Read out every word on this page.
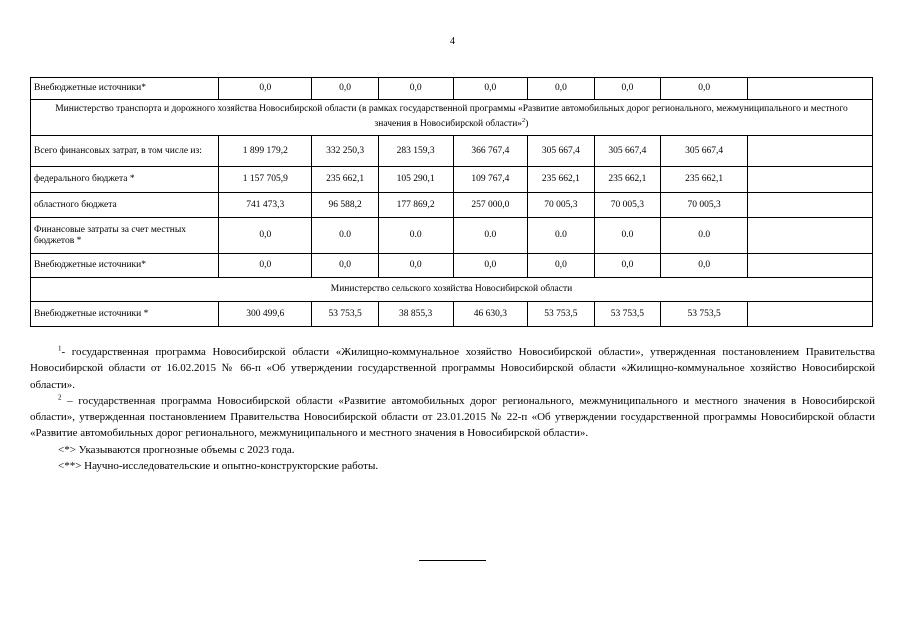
4
Внебюджетные источники*	0,0	0,0	0,0	0,0	0,0	0,0	0,0	
Министерство транспорта и дорожного хозяйства Новосибирской области (в рамках государственной программы «Развитие автомобильных дорог регионального, межмуниципального и местного значения в Новосибирской области»$^2$)								
Всего финансовых затрат, в том числе из:	1 899 179,2	332 250,3	283 159,3	366 767,4	305 667,4	305 667,4	305 667,4	
федерального бюджета *	1 157 705,9	235 662,1	105 290,1	109 767,4	235 662,1	235 662,1	235 662,1	
областного бюджета	741 473,3	96 588,2	177 869,2	257 000,0	70 005,3	70 005,3	70 005,3	
Финансовые затраты за счет местных бюджетов *	0,0	0.0	0.0	0.0	0.0	0.0	0.0	
Внебюджетные источники*	0,0	0,0	0,0	0,0	0,0	0,0	0,0	
Министерство сельского хозяйства Новосибирской области								
Внебюджетные источники *	300 499,6	53 753,5	38 855,3	46 630,3	53 753,5	53 753,5	53 753,5	

$^1$- государственная программа Новосибирской области «Жилищно-коммунальное хозяйство Новосибирской области», утвержденная постановлением Правительства Новосибирской области от 16.02.2015 № 66-п «Об утверждении государственной программы Новосибирской области «Жилищно-коммунальное хозяйство Новосибирской области».

$^2$ – государственная программа Новосибирской области «Развитие автомобильных дорог регионального, межмуниципального и местного значения в Новосибирской области», утвержденная постановлением Правительства Новосибирской области от 23.01.2015 № 22-п «Об утверждении государственной программы Новосибирской области «Развитие автомобильных дорог регионального, межмуниципального и местного значения в Новосибирской области».

<*> Указываются прогнозные объемы с 2023 года.

<**> Научно-исследовательские и опытно-конструкторские работы.
